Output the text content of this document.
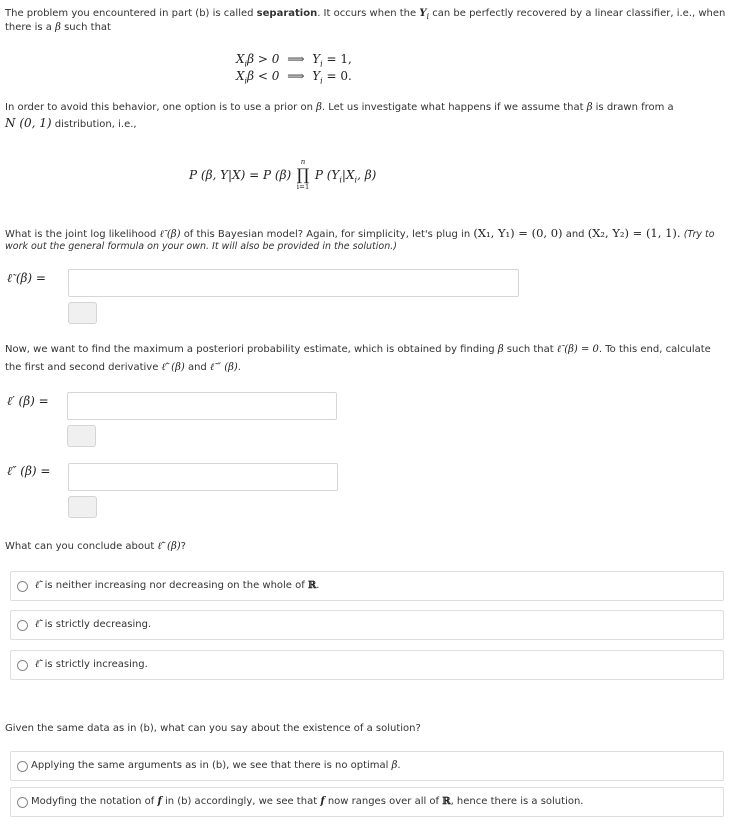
The problem you encountered in part (b) is called separation. It occurs when the $Y_i$ can be perfectly recovered by a linear classifier, i.e., when
there is a β such that
$X_i\beta > 0$ ⟹ $Y_i = 1$,
$X_i\beta < 0$ ⟹ $Y_i = 0$.
In order to avoid this behavior, one option is to use a prior on β. Let us investigate what happens if we assume that β is drawn from a
N (0, 1) distribution, i.e.,
P (β, Y|X) = P (β)
n
∏
i=1
P ($Y_i|X_i$, β)
What is the joint log likelihood ℓ̃ (β) of this Bayesian model? Again, for simplicity, let's plug in (X₁, Y₁) = (0, 0) and (X₂, Y₂) = (1, 1). (Try to
work out the general formula on your own. It will also be provided in the solution.)
ℓ̃ (β) =
Now, we want to find the maximum a posteriori probability estimate, which is obtained by finding β such that ℓ̃ (β) = 0. To this end, calculate
the first and second derivative ℓ̃′ (β) and ℓ̃ ″ (β).
ℓ′ (β) =
ℓ″ (β) =
What can you conclude about ℓ̃′ (β)?
ℓ̃′ is neither increasing nor decreasing on the whole of ℝ.
ℓ̃′ is strictly decreasing.
ℓ̃′ is strictly increasing.
Given the same data as in (b), what can you say about the existence of a solution?
Applying the same arguments as in (b), we see that there is no optimal β.
Modyfing the notation of f in (b) accordingly, we see that f now ranges over all of ℝ, hence there is a solution.
